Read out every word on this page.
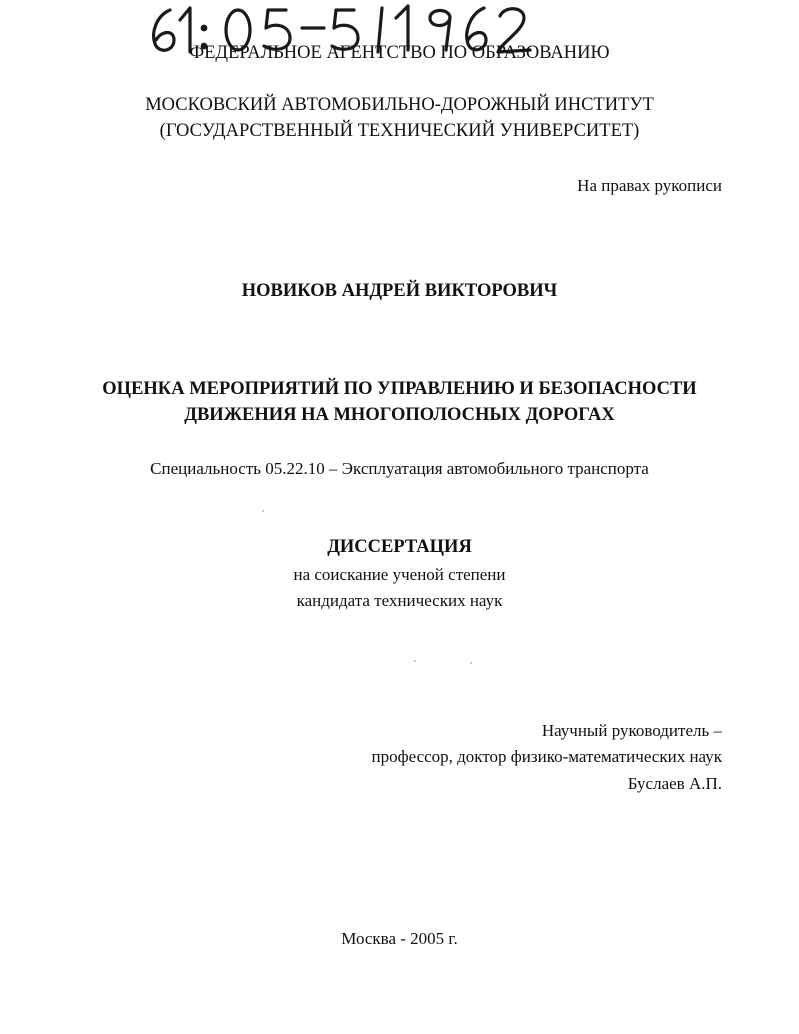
ФЕДЕРАЛЬНОЕ АГЕНТСТВО ПО ОБРАЗОВАНИЮ
МОСКОВСКИЙ АВТОМОБИЛЬНО-ДОРОЖНЫЙ ИНСТИТУТ
(ГОСУДАРСТВЕННЫЙ ТЕХНИЧЕСКИЙ УНИВЕРСИТЕТ)
На правах рукописи
НОВИКОВ АНДРЕЙ ВИКТОРОВИЧ
ОЦЕНКА МЕРОПРИЯТИЙ ПО УПРАВЛЕНИЮ И БЕЗОПАСНОСТИ
ДВИЖЕНИЯ НА МНОГОПОЛОСНЫХ ДОРОГАХ
Специальность 05.22.10 – Эксплуатация автомобильного транспорта
ДИССЕРТАЦИЯ
на соискание ученой степени
кандидата технических наук
Научный руководитель –
профессор, доктор физико-математических наук
Буслаев А.П.
Москва - 2005 г.
